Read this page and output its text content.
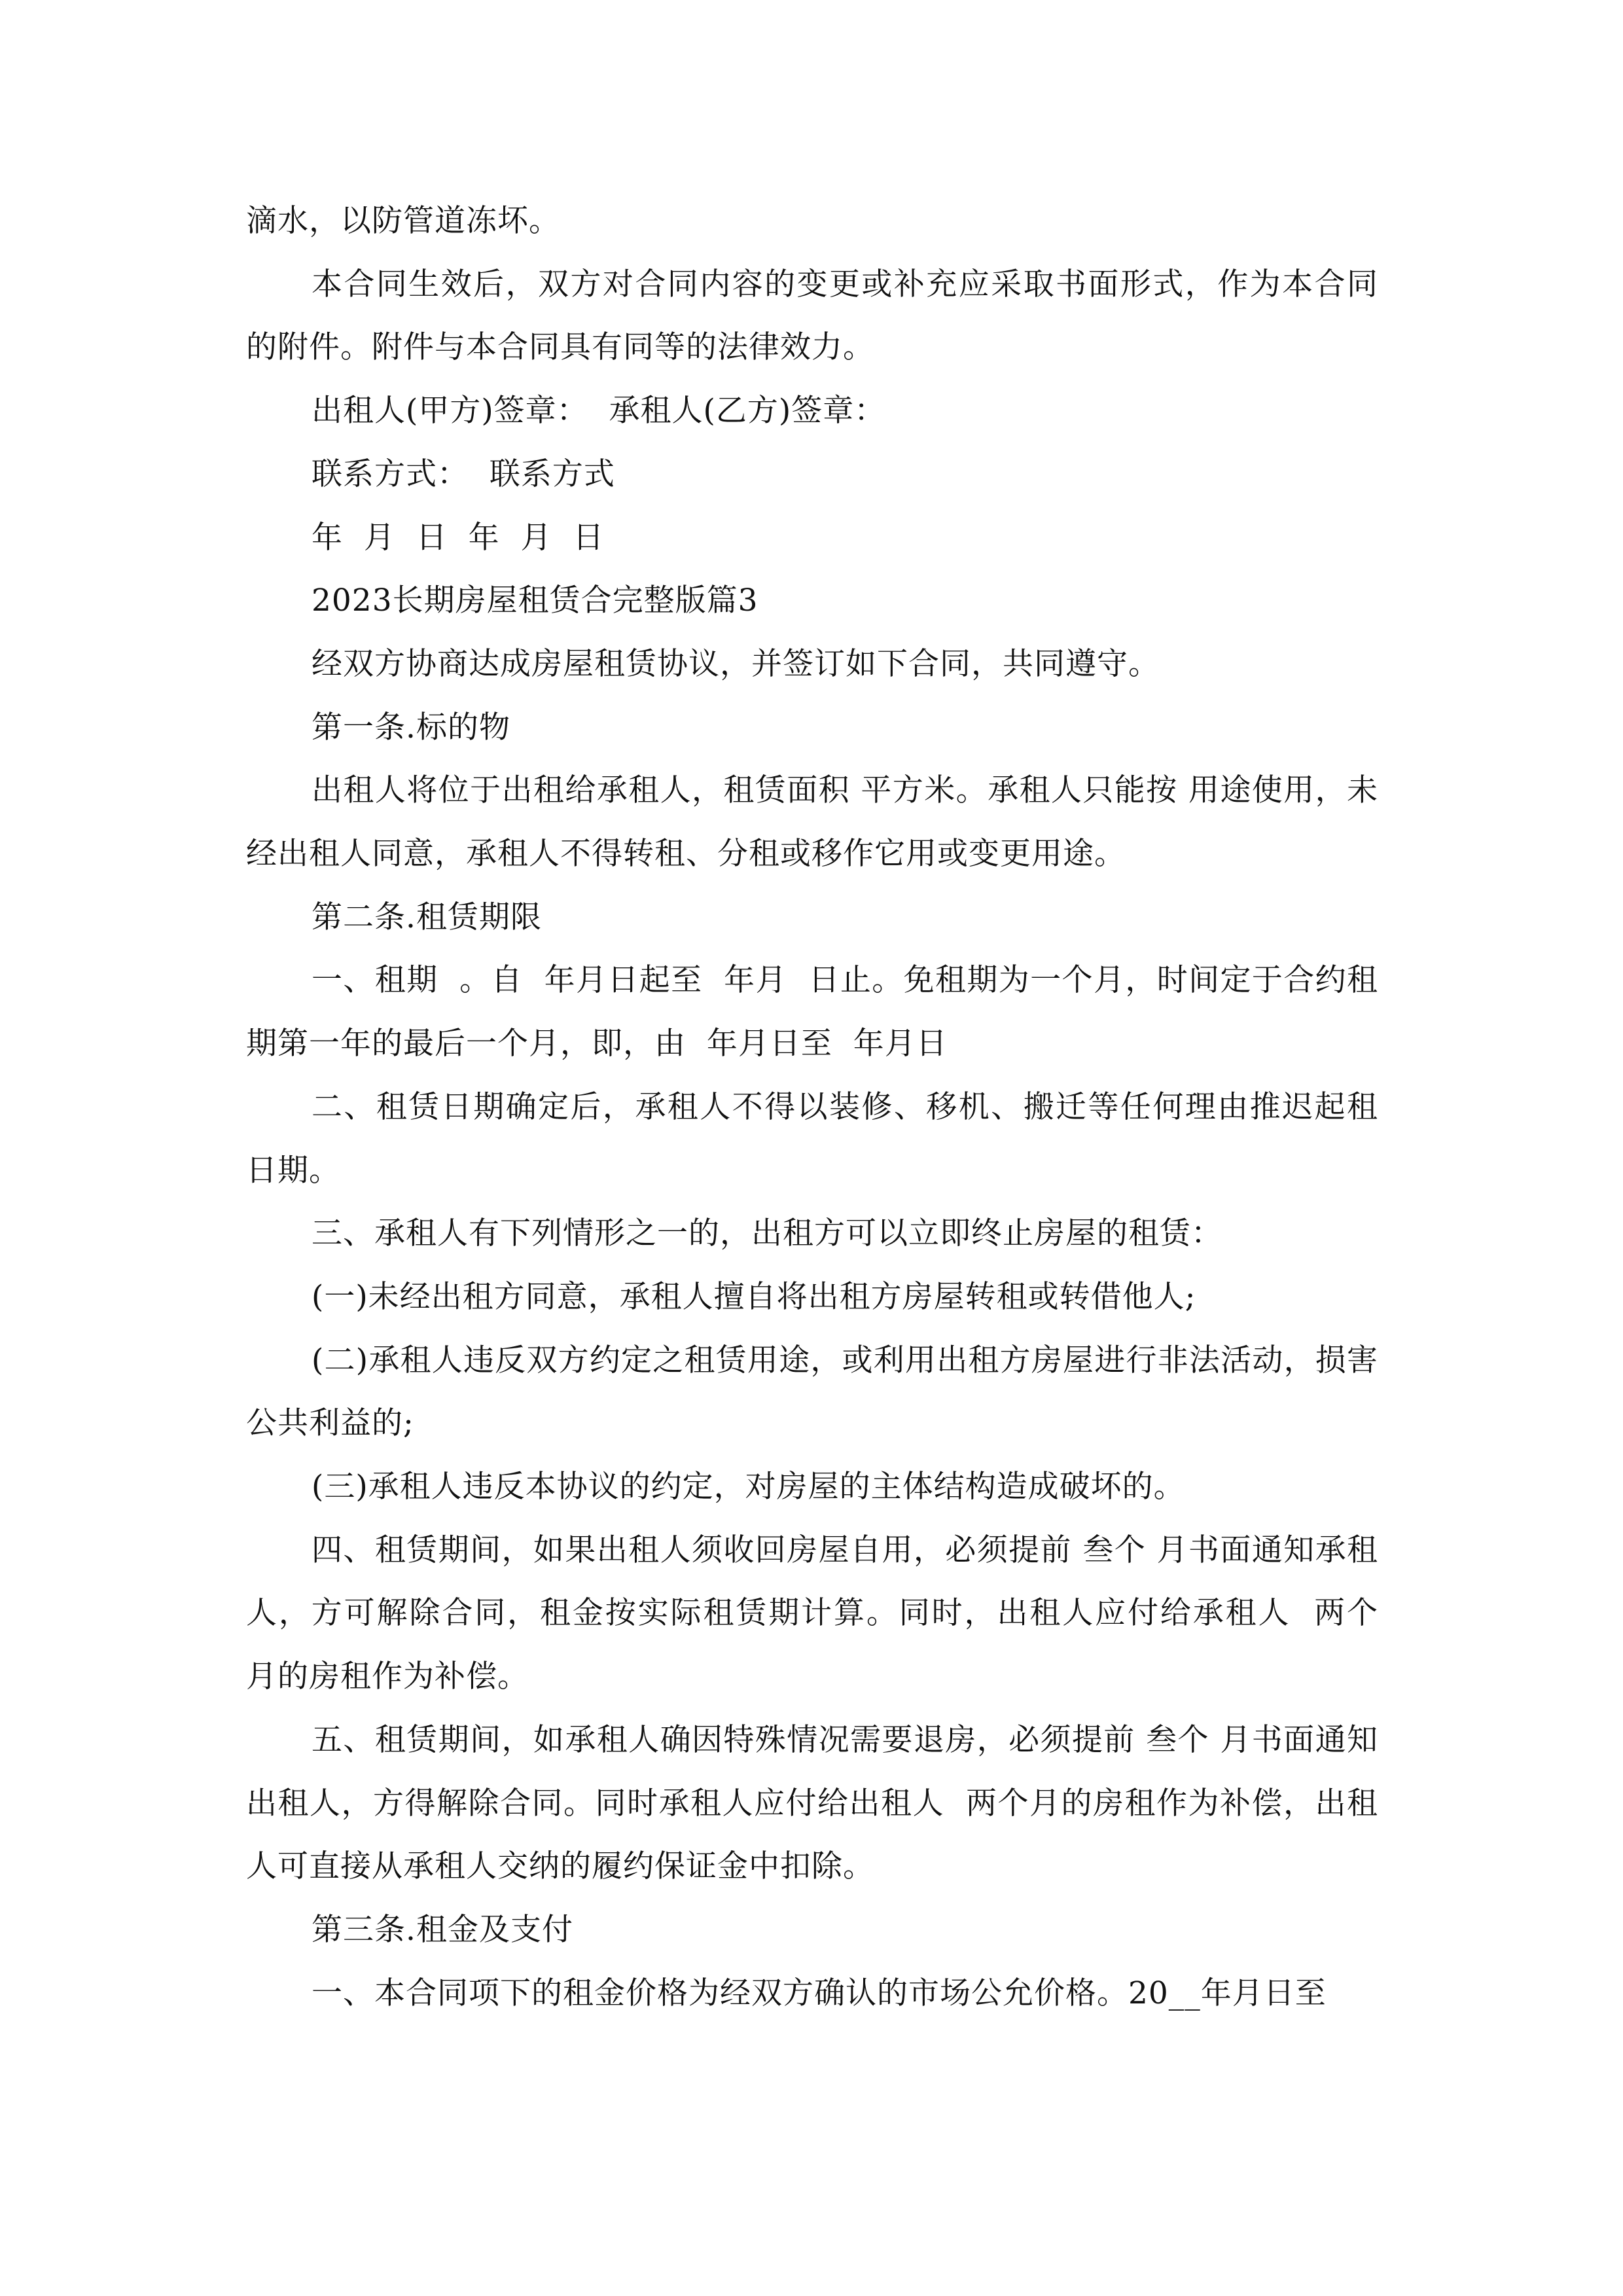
滴水，以防管道冻坏。

本合同生效后，双方对合同内容的变更或补充应采取书面形式，作为本合同的附件。附件与本合同具有同等的法律效力。

出租人(甲方)签章：  承租人(乙方)签章：

联系方式：  联系方式

年  月  日  年  月  日

2023长期房屋租赁合完整版篇3

经双方协商达成房屋租赁协议，并签订如下合同，共同遵守。

第一条.标的物

出租人将位于出租给承租人，租赁面积 平方米。承租人只能按 用途使用，未经出租人同意，承租人不得转租、分租或移作它用或变更用途。

第二条.租赁期限

一、租期  。自  年月日起至  年月  日止。免租期为一个月，时间定于合约租期第一年的最后一个月，即，由  年月日至  年月日

二、租赁日期确定后，承租人不得以装修、移机、搬迁等任何理由推迟起租日期。

三、承租人有下列情形之一的，出租方可以立即终止房屋的租赁：

(一)未经出租方同意，承租人擅自将出租方房屋转租或转借他人;

(二)承租人违反双方约定之租赁用途，或利用出租方房屋进行非法活动，损害公共利益的;

(三)承租人违反本协议的约定，对房屋的主体结构造成破坏的。

四、租赁期间，如果出租人须收回房屋自用，必须提前 叁个 月书面通知承租人，方可解除合同，租金按实际租赁期计算。同时，出租人应付给承租人  两个  月的房租作为补偿。

五、租赁期间，如承租人确因特殊情况需要退房，必须提前 叁个 月书面通知出租人，方得解除合同。同时承租人应付给出租人  两个月的房租作为补偿，出租人可直接从承租人交纳的履约保证金中扣除。

第三条.租金及支付

一、本合同项下的租金价格为经双方确认的市场公允价格。20__年月日至
